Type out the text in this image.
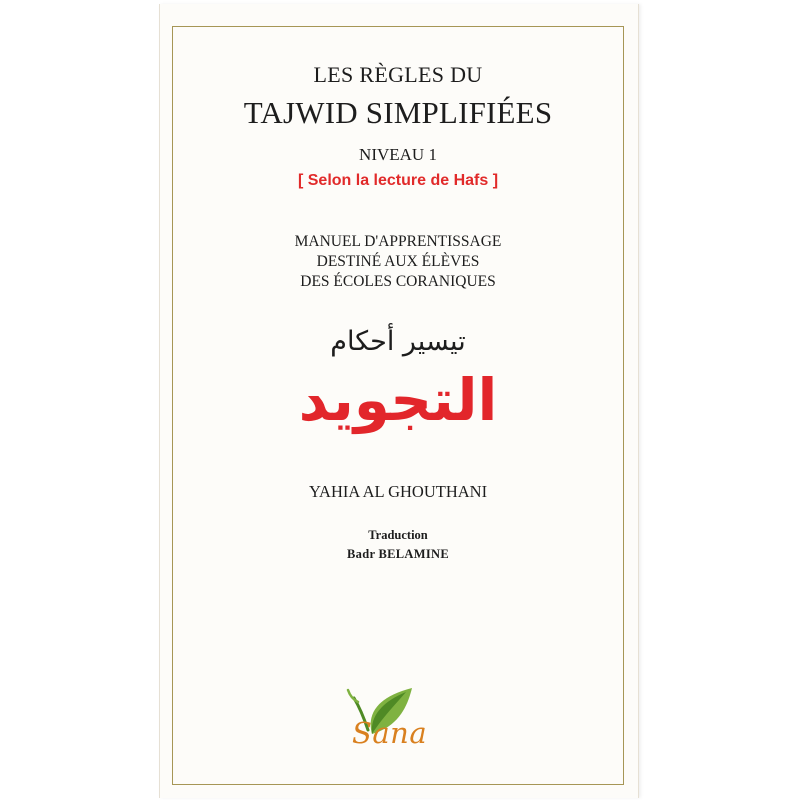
LES RÈGLES DU
TAJWID SIMPLIFIÉES
NIVEAU 1
[ Selon la lecture de Hafs ]
MANUEL D'APPRENTISSAGE
DESTINÉ AUX ÉLÈVES
DES ÉCOLES CORANIQUES
تيسير أحكام
التجويد
YAHIA AL GHOUTHANI
Traduction
Badr BELAMINE
Sana
